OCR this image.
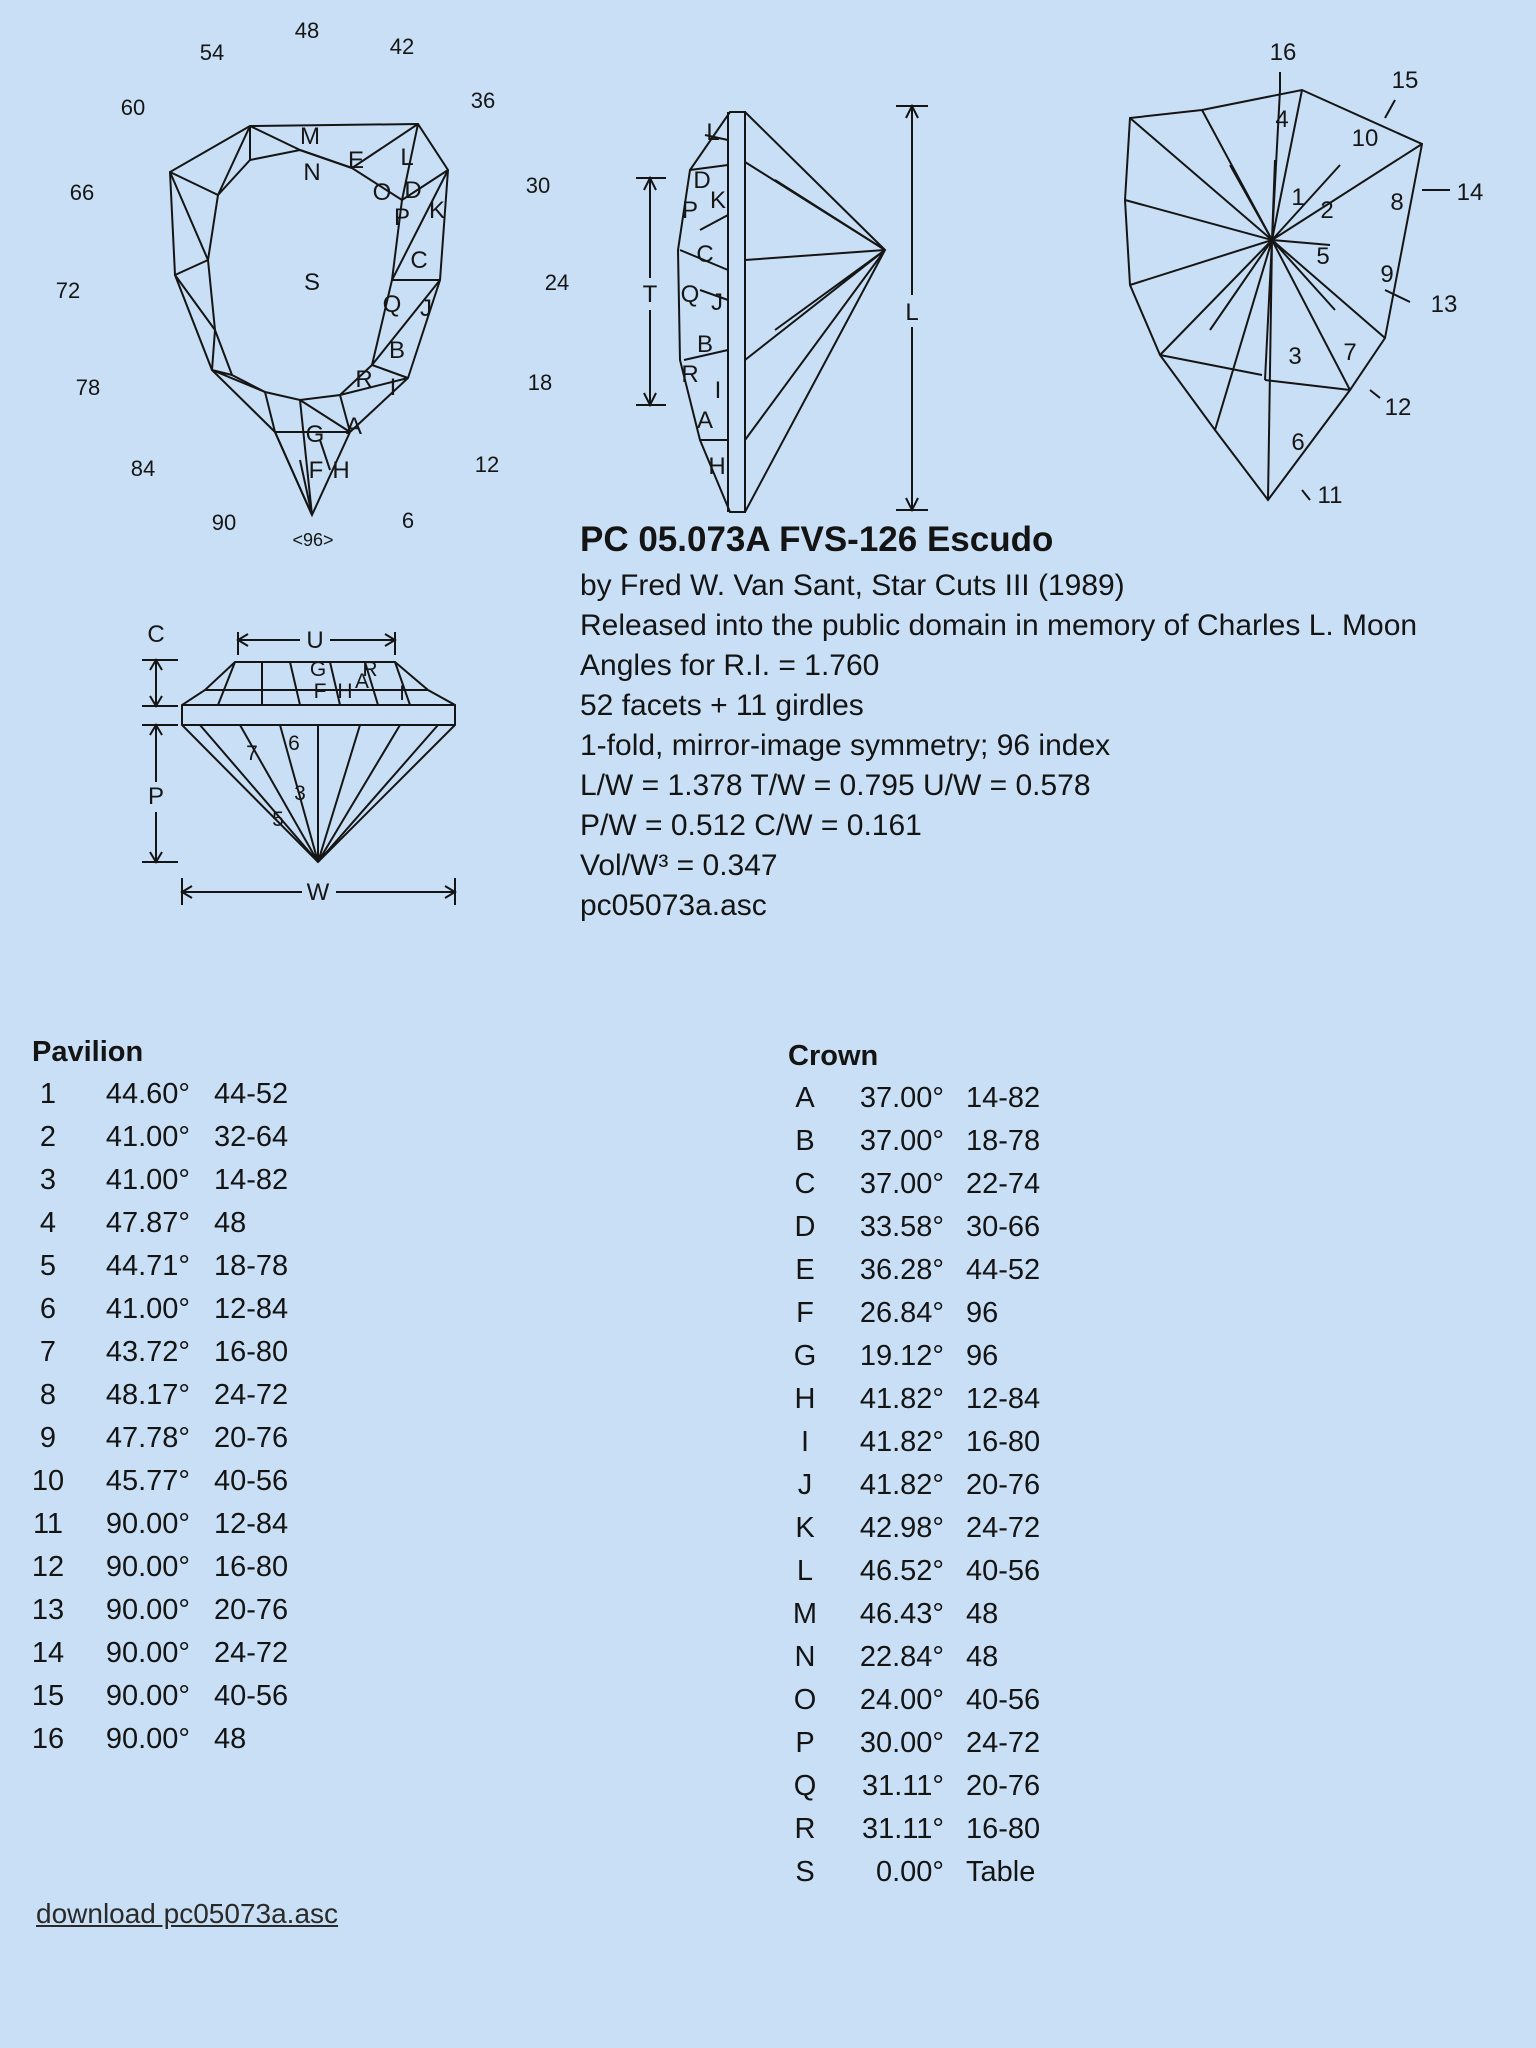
48
42
54
36
60
30
66
24
72
18
78
12
84
6
90
<96>
M
N E L
O D
K
P
C
S
Q J
B
R I
G A
F H
L
D
K
P
C
Q J
B
R
I
A
H
T
L
16
15
4
10
14
1 2 8
5
9
13
3 7
12
6
11
C
P
U
W
G R
F H A
I
7 6
3
5
PC 05.073A FVS-126 Escudo
by Fred W. Van Sant, Star Cuts III (1989)
Released into the public domain in memory of Charles L. Moon
Angles for R.I. = 1.760
52 facets + 11 girdles
1-fold, mirror-image symmetry; 96 index
L/W = 1.378 T/W = 0.795 U/W = 0.578
P/W = 0.512 C/W = 0.161
Vol/W³ = 0.347
pc05073a.asc
Pavilion
1	44.60° 44-52
2	41.00° 32-64
3	41.00° 14-82
4	47.87° 48
5	44.71° 18-78
6	41.00° 12-84
7	43.72° 16-80
8	48.17° 24-72
9	47.78° 20-76
10	45.77° 40-56
11	90.00° 12-84
12	90.00° 16-80
13	90.00° 20-76
14	90.00° 24-72
15	90.00° 40-56
16	90.00° 48
Crown
A	37.00° 14-82
B	37.00° 18-78
C	37.00° 22-74
D	33.58° 30-66
E	36.28° 44-52
F	26.84° 96
G	19.12° 96
H	41.82° 12-84
I	41.82° 16-80
J	41.82° 20-76
K	42.98° 24-72
L	46.52° 40-56
M	46.43° 48
N	22.84° 48
O	24.00° 40-56
P	30.00° 24-72
Q	31.11° 20-76
R	31.11° 16-80
S	0.00° Table
download pc05073a.asc
